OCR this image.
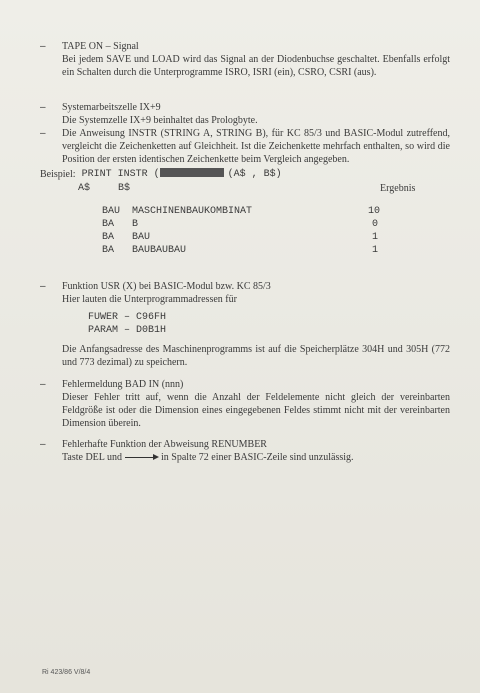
–	TAPE ON – Signal
Bei jedem SAVE und LOAD wird das Signal an der Diodenbuchse geschaltet. Ebenfalls erfolgt ein Schalten durch die Unterprogramme ISRO, ISRI (ein), CSRO, CSRI (aus).
–	Systemarbeitszelle IX+9
Die Systemzelle IX+9 beinhaltet das Prologbyte.
–	Die Anweisung INSTR (STRING A, STRING B), für KC 85/3 und BASIC-Modul zutreffend, vergleicht die Zeichenketten auf Gleichheit. Ist die Zeichenkette mehrfach enthalten, so wird die Position der ersten identischen Zeichenkette beim Vergleich angegeben.
Beispiel: PRINT INSTR (	(A$ , B$)
A$	B$	Ergebnis
BAU	MASCHINENBAUKOMBINAT	10
BA	B	0
BA	BAU	1
BA	BAUBAUBAU	1
–	Funktion USR (X) bei BASIC-Modul bzw. KC 85/3
Hier lauten die Unterprogrammadressen für
FUWER – C96FH
PARAM – D0B1H
Die Anfangsadresse des Maschinenprogramms ist auf die Speicherplätze 304H und 305H (772 und 773 dezimal) zu speichern.
–	Fehlermeldung BAD IN (nnn)
Dieser Fehler tritt auf, wenn die Anzahl der Feldelemente nicht gleich der vereinbarten Feldgröße ist oder die Dimension eines eingegebenen Feldes stimmt nicht mit der vereinbarten Dimension überein.
–	Fehlerhafte Funktion der Abweisung RENUMBER
Taste DEL und	in Spalte 72 einer BASIC-Zeile sind unzulässig.
Ri 423/86 V/8/4
